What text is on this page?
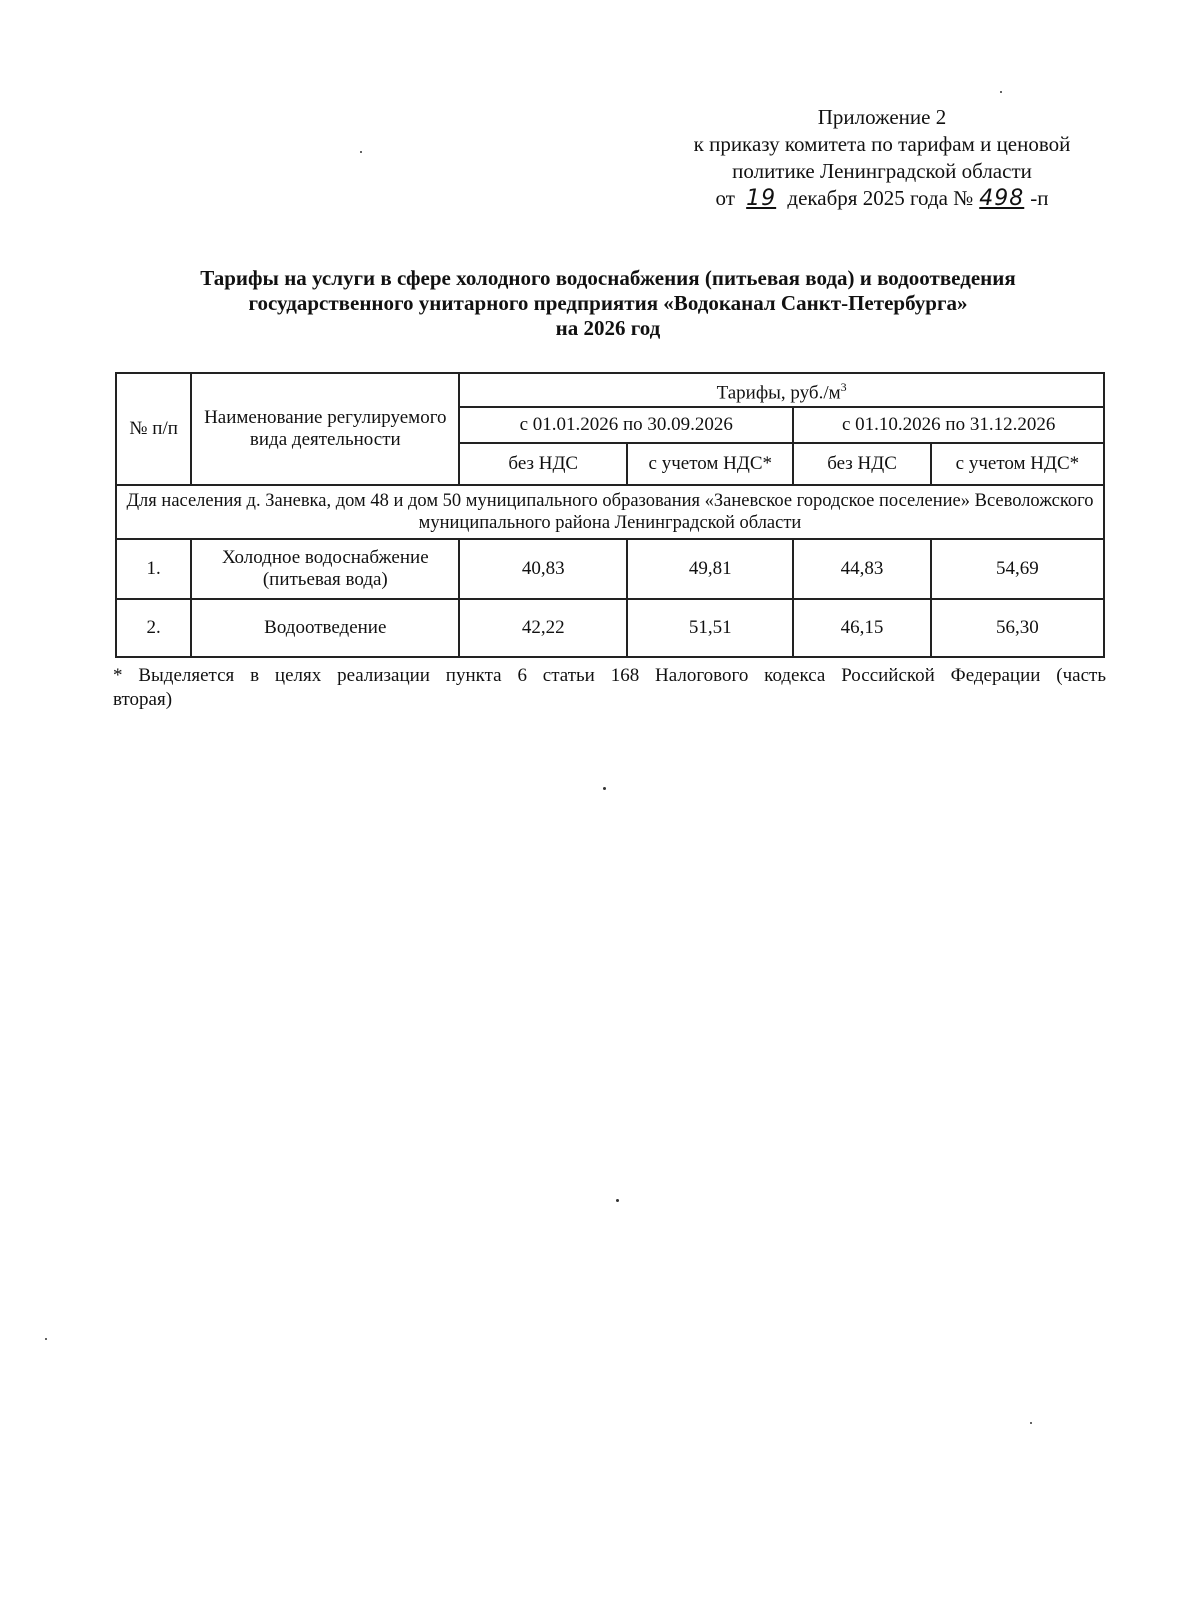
Приложение 2
к приказу комитета по тарифам и ценовой
политике Ленинградской области
от 19 декабря 2025 года № 498 -п
Тарифы на услуги в сфере холодного водоснабжения (питьевая вода) и водоотведения
государственного унитарного предприятия «Водоканал Санкт-Петербурга»
на 2026 год
№ п/п	Наименование регулируемого вида деятельности	Тарифы, $руб./м^3$
		с 01.01.2026 по 30.09.2026		с 01.10.2026 по 31.12.2026	
		без НДС	с учетом НДС*	без НДС	с учетом НДС*
Для населения д. Заневка, дом 48 и дом 50 муниципального образования «Заневское городское поселение» Всеволожского муниципального района Ленинградской области					
1.	Холодное водоснабжение (питьевая вода)	40,83	49,81	44,83	54,69
2.	Водоотведение	42,22	51,51	46,15	56,30
* Выделяется в целях реализации пункта 6 статьи 168 Налогового кодекса Российской Федерации (часть
вторая)
